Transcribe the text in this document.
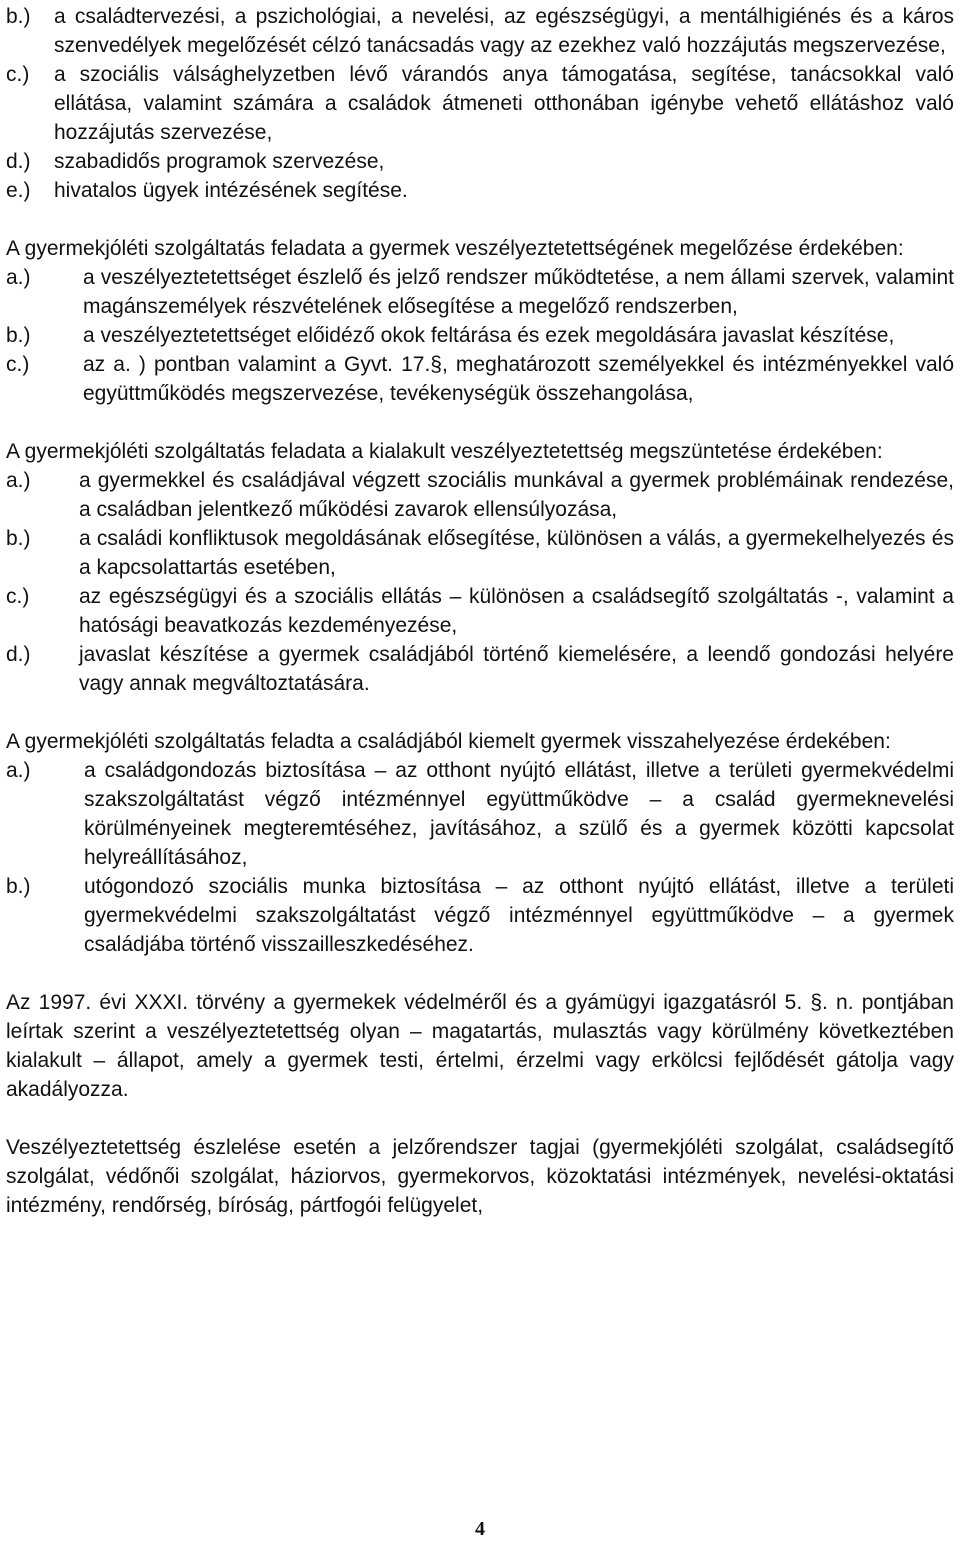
b.)	a családtervezési, a pszichológiai, a nevelési, az egészségügyi, a mentálhigiénés és a káros szenvedélyek megelőzését célzó tanácsadás vagy az ezekhez való hozzájutás megszervezése,
c.)	a szociális válsághelyzetben lévő várandós anya támogatása, segítése, tanácsokkal való ellátása, valamint számára a családok átmeneti otthonában igénybe vehető ellátáshoz való hozzájutás szervezése,
d.)	szabadidős programok szervezése,
e.)	hivatalos ügyek intézésének segítése.

A gyermekjóléti szolgáltatás feladata a gyermek veszélyeztetettségének megelőzése érdekében:

a.)	a veszélyeztetettséget észlelő és jelző rendszer működtetése, a nem állami szervek, valamint magánszemélyek részvételének elősegítése a megelőző rendszerben,
b.)	a veszélyeztetettséget előidéző okok feltárása és ezek megoldására javaslat készítése,
c.)	az a. ) pontban valamint a Gyvt. 17.§, meghatározott személyekkel és intézményekkel való együttműködés megszervezése, tevékenységük összehangolása,

A gyermekjóléti szolgáltatás feladata a kialakult veszélyeztetettség megszüntetése érdekében:

a.)	a gyermekkel és családjával végzett szociális munkával a gyermek problémáinak rendezése, a családban jelentkező működési zavarok ellensúlyozása,
b.)	a családi konfliktusok megoldásának elősegítése, különösen a válás, a gyermekelhelyezés és a kapcsolattartás esetében,
c.)	az egészségügyi és a szociális ellátás – különösen a családsegítő szolgáltatás -, valamint a hatósági beavatkozás kezdeményezése,
d.)	javaslat készítése a gyermek családjából történő kiemelésére, a leendő gondozási helyére vagy annak megváltoztatására.

A gyermekjóléti szolgáltatás feladta a családjából kiemelt gyermek visszahelyezése érdekében:

a.)	a családgondozás biztosítása – az otthont nyújtó ellátást, illetve a területi gyermekvédelmi szakszolgáltatást végző intézménnyel együttműködve – a család gyermeknevelési körülményeinek megteremtéséhez, javításához, a szülő és a gyermek közötti kapcsolat helyreállításához,
b.)	utógondozó szociális munka biztosítása – az otthont nyújtó ellátást, illetve a területi gyermekvédelmi szakszolgáltatást végző intézménnyel együttműködve – a gyermek családjába történő visszailleszkedéséhez.

Az 1997. évi XXXI. törvény a gyermekek védelméről és a gyámügyi igazgatásról 5. §. n. pontjában leírtak szerint a veszélyeztetettség olyan – magatartás, mulasztás vagy körülmény következtében kialakult – állapot, amely a gyermek testi, értelmi, érzelmi vagy erkölcsi fejlődését gátolja vagy akadályozza.

Veszélyeztetettség észlelése esetén a jelzőrendszer tagjai (gyermekjóléti szolgálat, családsegítő szolgálat, védőnői szolgálat, háziorvos, gyermekorvos, közoktatási intézmények, nevelési-oktatási intézmény, rendőrség, bíróság, pártfogói felügyelet,

4
